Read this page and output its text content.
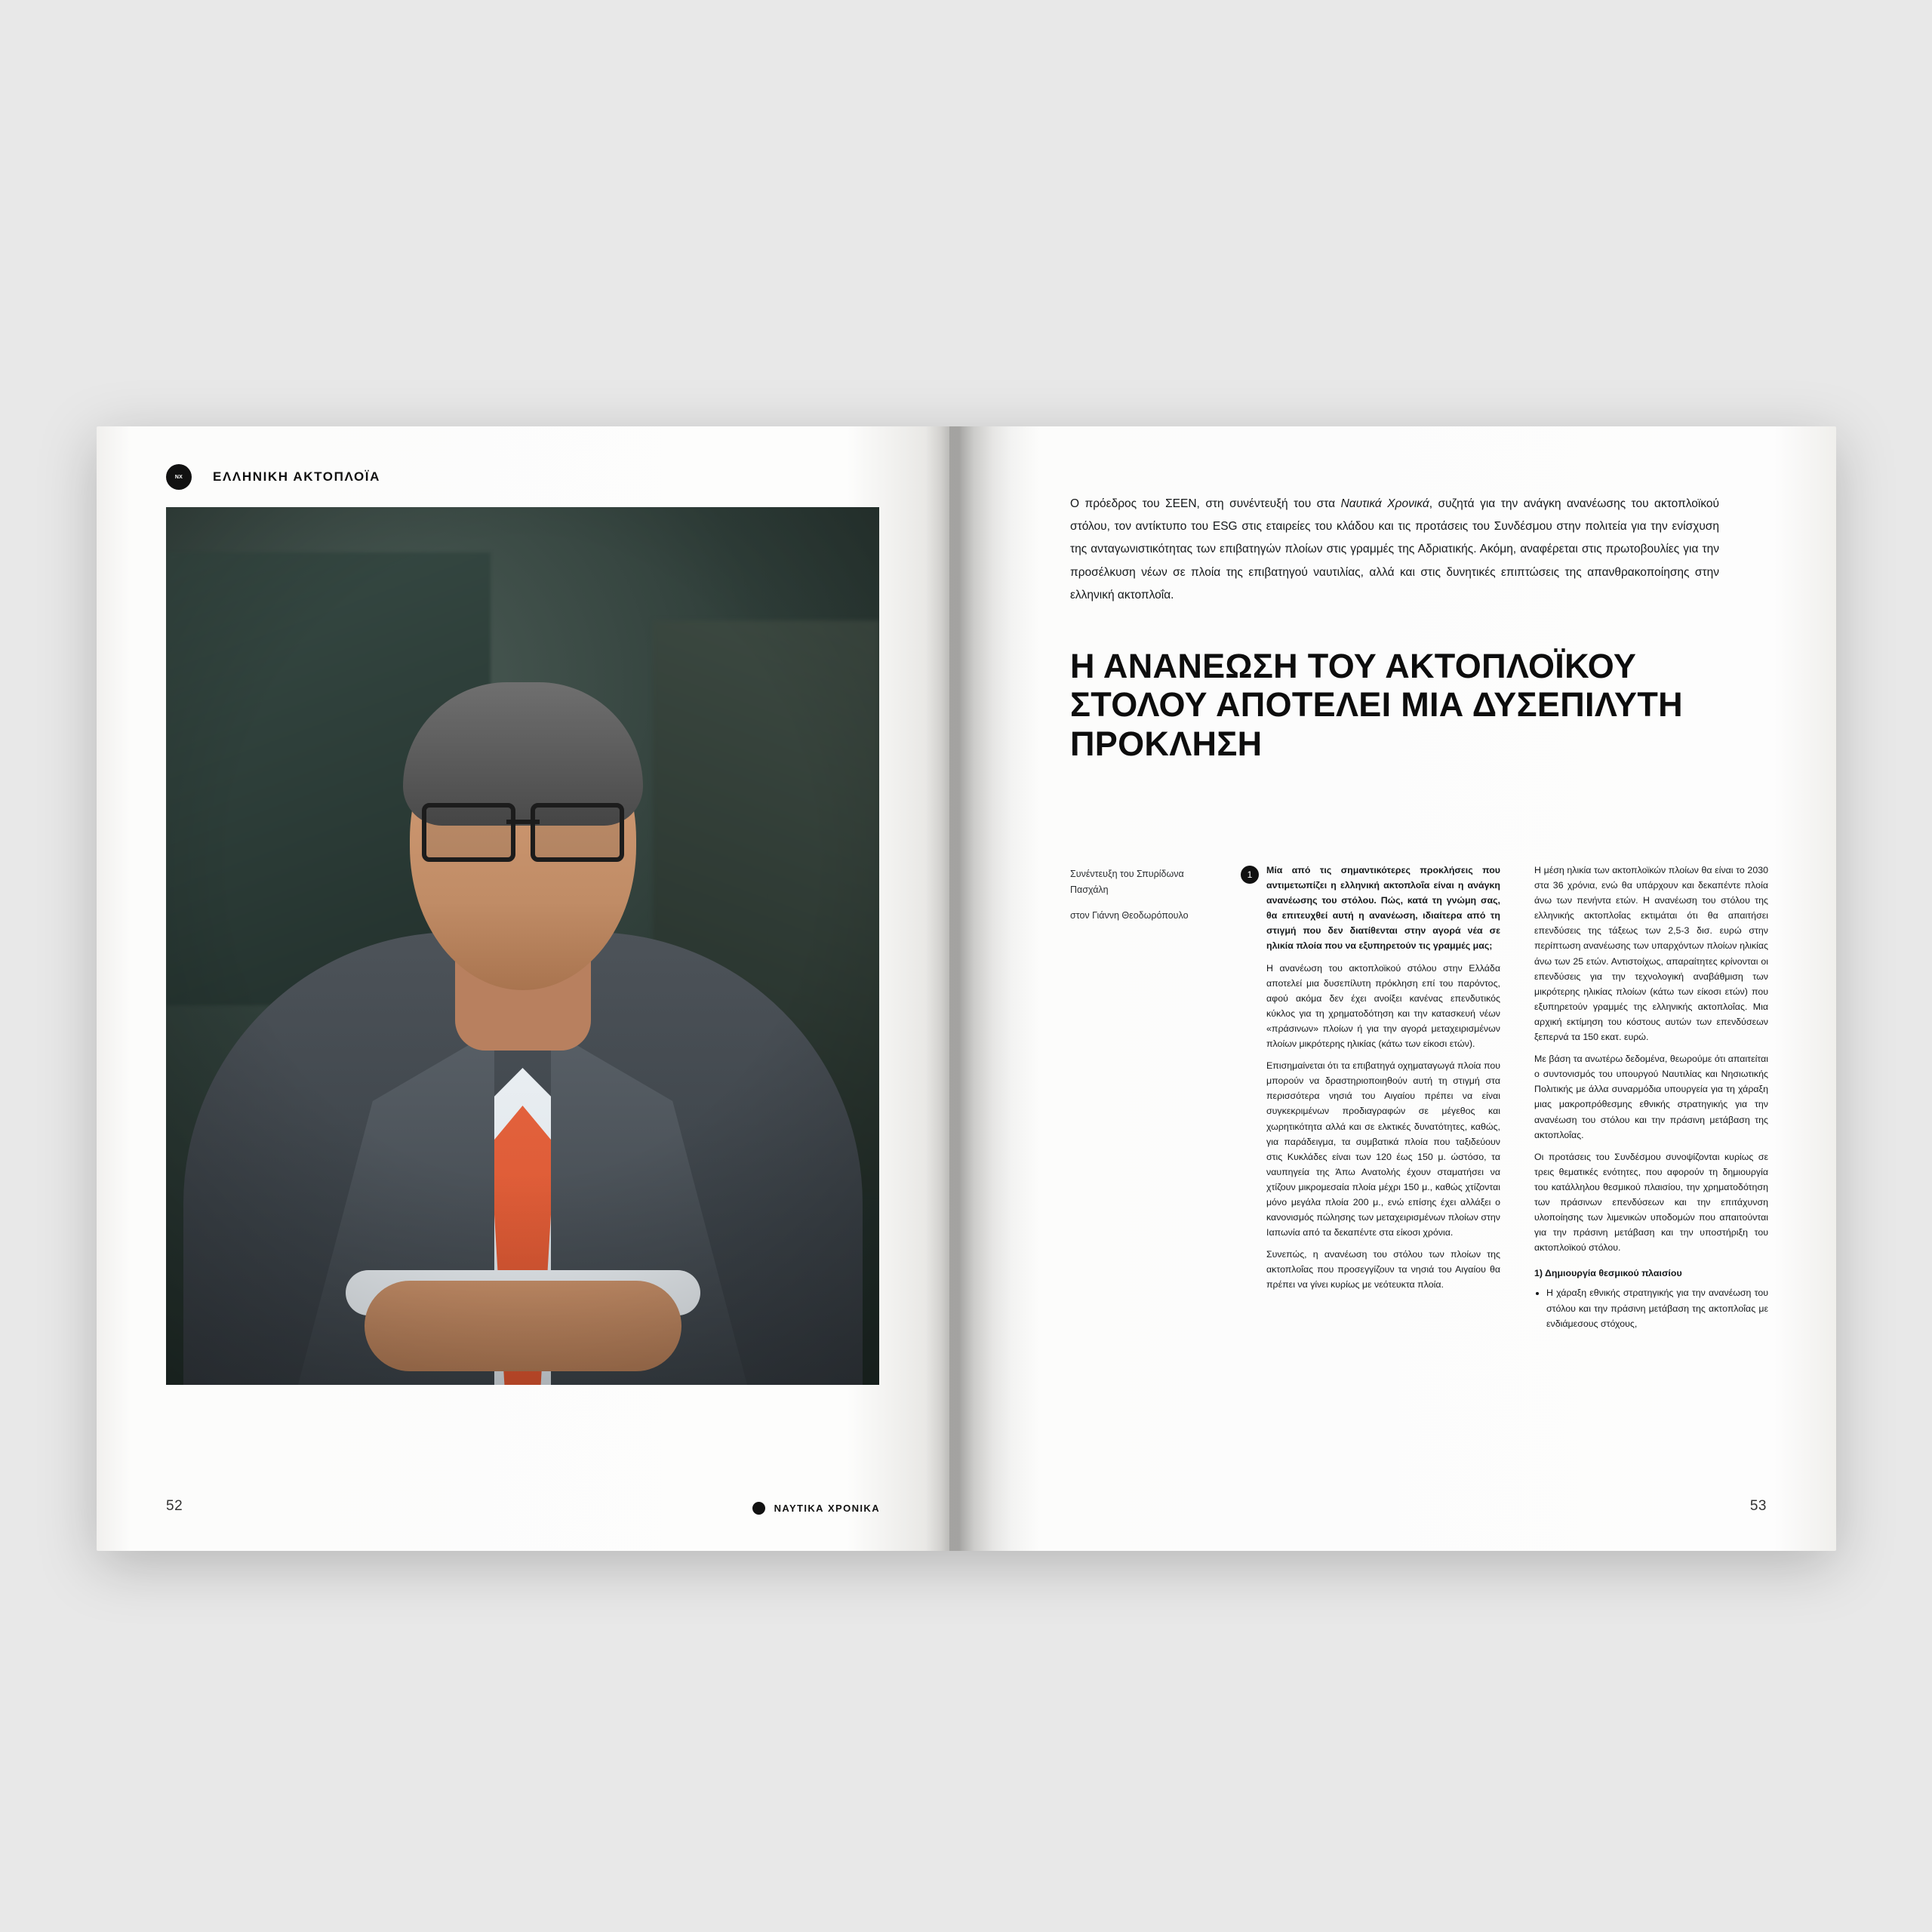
NX ΕΛΛΗΝΙΚΗ ΑΚΤΟΠΛΟΪΑ
52	ΝΑΥΤΙΚΑ ΧΡΟΝΙΚΑ
Ο πρόεδρος του ΣΕΕΝ, στη συνέντευξή του στα Ναυτικά Χρονικά, συζητά για την ανάγκη ανανέωσης του ακτοπλοϊκού στόλου, τον αντίκτυπο του ESG στις εταιρείες του κλάδου και τις προτάσεις του Συνδέσμου στην πολιτεία για την ενίσχυση της ανταγωνιστικότητας των επιβατηγών πλοίων στις γραμμές της Αδριατικής. Ακόμη, αναφέρεται στις πρωτοβουλίες για την προσέλκυση νέων σε πλοία της επιβατηγού ναυτιλίας, αλλά και στις δυνητικές επιπτώσεις της απανθρακοποίησης στην ελληνική ακτοπλοΐα.
Η ΑΝΑΝΕΩΣΗ ΤΟΥ ΑΚΤΟΠΛΟΪΚΟΥ ΣΤΟΛΟΥ ΑΠΟΤΕΛΕΙ ΜΙΑ ΔΥΣΕΠΙΛΥΤΗ ΠΡΟΚΛΗΣΗ
Συνέντευξη του Σπυρίδωνα Πασχάλη
στον Γιάννη Θεοδωρόπουλο
1	Μία από τις σημαντικότερες προκλήσεις που αντιμετωπίζει η ελληνική ακτοπλοΐα είναι η ανάγκη ανανέωσης του στόλου. Πώς, κατά τη γνώμη σας, θα επιτευχθεί αυτή η ανανέωση, ιδιαίτερα από τη στιγμή που δεν διατίθενται στην αγορά νέα σε ηλικία πλοία που να εξυπηρετούν τις γραμμές μας;

Η ανανέωση του ακτοπλοϊκού στόλου στην Ελλάδα αποτελεί μια δυσεπίλυτη πρόκληση επί του παρόντος, αφού ακόμα δεν έχει ανοίξει κανένας επενδυτικός κύκλος για τη χρηματοδότηση και την κατασκευή νέων «πράσινων» πλοίων ή για την αγορά μεταχειρισμένων πλοίων μικρότερης ηλικίας (κάτω των είκοσι ετών).

Επισημαίνεται ότι τα επιβατηγά οχηματαγωγά πλοία που μπορούν να δραστηριοποιηθούν αυτή τη στιγμή στα περισσότερα νησιά του Αιγαίου πρέπει να είναι συγκεκριμένων προδιαγραφών σε μέγεθος και χωρητικότητα αλλά και σε ελκτικές δυνατότητες, καθώς, για παράδειγμα, τα συμβατικά πλοία που ταξιδεύουν στις Κυκλάδες είναι των 120 έως 150 μ. ώστόσο, τα ναυπηγεία της Άπω Ανατολής έχουν σταματήσει να χτίζουν μικρομεσαία πλοία μέχρι 150 μ., καθώς χτίζονται μόνο μεγάλα πλοία 200 μ., ενώ επίσης έχει αλλάξει ο κανονισμός πώλησης των μεταχειρισμένων πλοίων στην Ιαπωνία από τα δεκαπέντε στα είκοσι χρόνια.

Συνεπώς, η ανανέωση του στόλου των πλοίων της ακτοπλοΐας που προσεγγίζουν τα νησιά του Αιγαίου θα πρέπει να γίνει κυρίως με νεότευκτα πλοία.

Η μέση ηλικία των ακτοπλοϊκών πλοίων θα είναι το 2030 στα 36 χρόνια, ενώ θα υπάρχουν και δεκαπέντε πλοία άνω των πενήντα ετών. Η ανανέωση του στόλου της ελληνικής ακτοπλοΐας εκτιμάται ότι θα απαιτήσει επενδύσεις της τάξεως των 2,5-3 δισ. ευρώ στην περίπτωση ανανέωσης των υπαρχόντων πλοίων ηλικίας άνω των 25 ετών. Αντιστοίχως, απαραίτητες κρίνονται οι επενδύσεις για την τεχνολογική αναβάθμιση των μικρότερης ηλικίας πλοίων (κάτω των είκοσι ετών) που εξυπηρετούν γραμμές της ελληνικής ακτοπλοΐας. Μια αρχική εκτίμηση του κόστους αυτών των επενδύσεων ξεπερνά τα 150 εκατ. ευρώ.

Με βάση τα ανωτέρω δεδομένα, θεωρούμε ότι απαιτείται ο συντονισμός του υπουργού Ναυτιλίας και Νησιωτικής Πολιτικής με άλλα συναρμόδια υπουργεία για τη χάραξη μιας μακροπρόθεσμης εθνικής στρατηγικής για την ανανέωση του στόλου και την πράσινη μετάβαση της ακτοπλοΐας.

Οι προτάσεις του Συνδέσμου συνοψίζονται κυρίως σε τρεις θεματικές ενότητες, που αφορούν τη δημιουργία του κατάλληλου θεσμικού πλαισίου, την χρηματοδότηση των πράσινων επενδύσεων και την επιτάχυνση υλοποίησης των λιμενικών υποδομών που απαιτούνται για την πράσινη μετάβαση και την υποστήριξη του ακτοπλοϊκού στόλου.

1) Δημιουργία θεσμικού πλαισίου
• Η χάραξη εθνικής στρατηγικής για την ανανέωση του στόλου και την πράσινη μετάβαση της ακτοπλοΐας με ενδιάμεσους στόχους,
53
